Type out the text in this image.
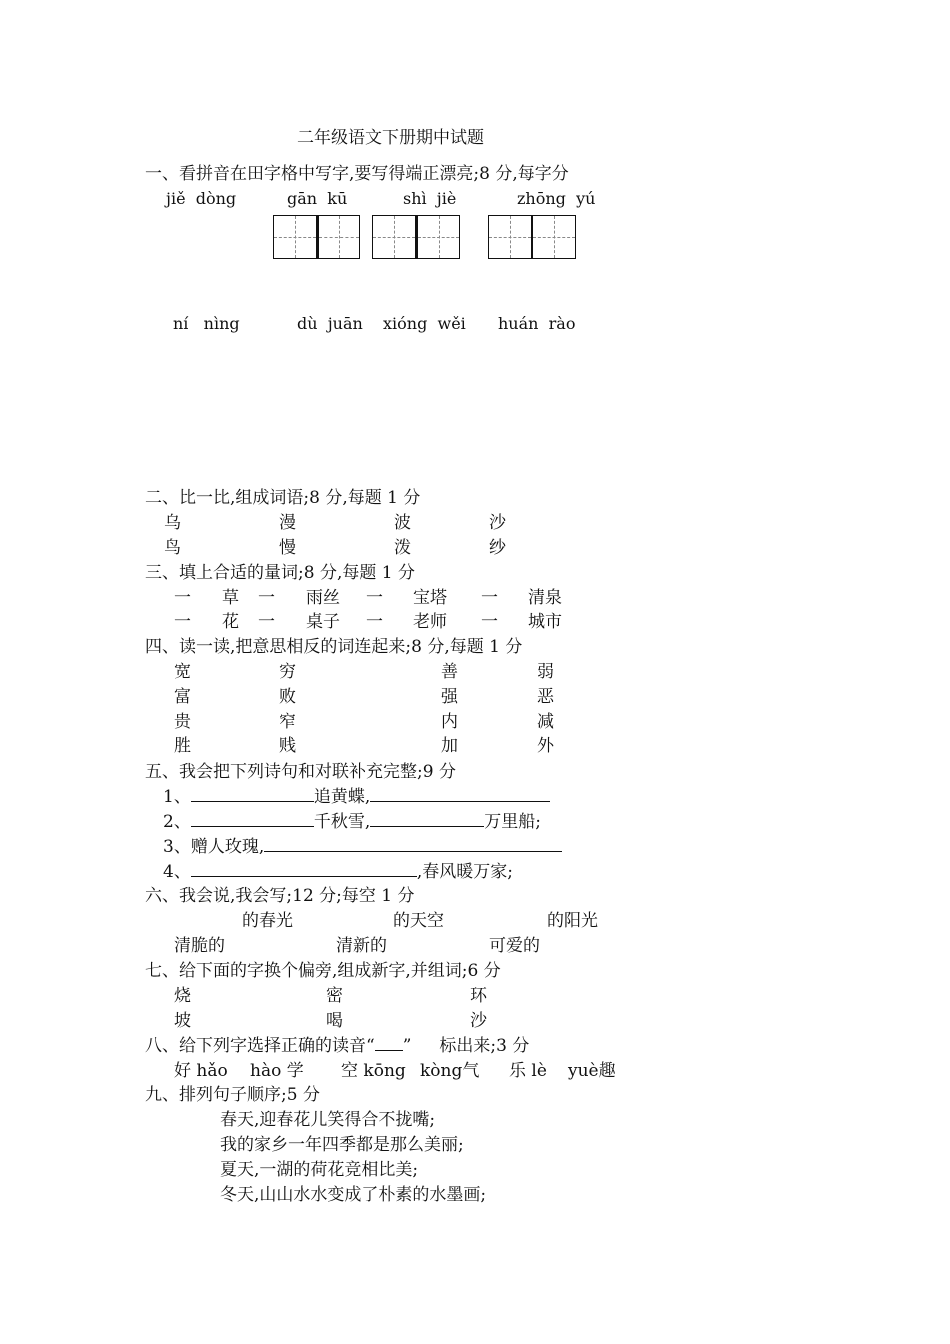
二年级语文下册期中试题
一、看拼音在田字格中写字,要写得端正漂亮;8 分,每字分
jiě  dòng	gān  kū	shì  jiè	zhōng  yú
ní   nìng	dù  juān xióng  wěi huán  rào
二、比一比,组成词语;8 分,每题 1 分
乌	漫	波	沙
鸟	慢	泼	纱
三、填上合适的量词;8 分,每题 1 分
一 草 一 雨丝 一 宝塔 一 清泉
一 花 一 桌子 一 老师 一 城市
四、读一读,把意思相反的词连起来;8 分,每题 1 分
宽	穷	善	弱
富	败	强	恶
贵	窄	内	减
胜	贱	加	外
五、我会把下列诗句和对联补充完整;9 分
1、	追黄蝶,
2、	千秋雪,	万里船;
3、赠人玫瑰,
4、	,春风暖万家;
六、我会说,我会写;12 分;每空 1 分
的春光	的天空	的阳光
清脆的	清新的	可爱的
七、给下面的字换个偏旁,组成新字,并组词;6 分
烧	密	环
坡	喝	沙
八、给下列字选择正确的读音“ ” 标出来;3 分
好 hǎo hào 学 空 kōng kòng气 乐 lè yuè趣
九、排列句子顺序;5 分
春天,迎春花儿笑得合不拢嘴;
我的家乡一年四季都是那么美丽;
夏天,一湖的荷花竞相比美;
冬天,山山水水变成了朴素的水墨画;
